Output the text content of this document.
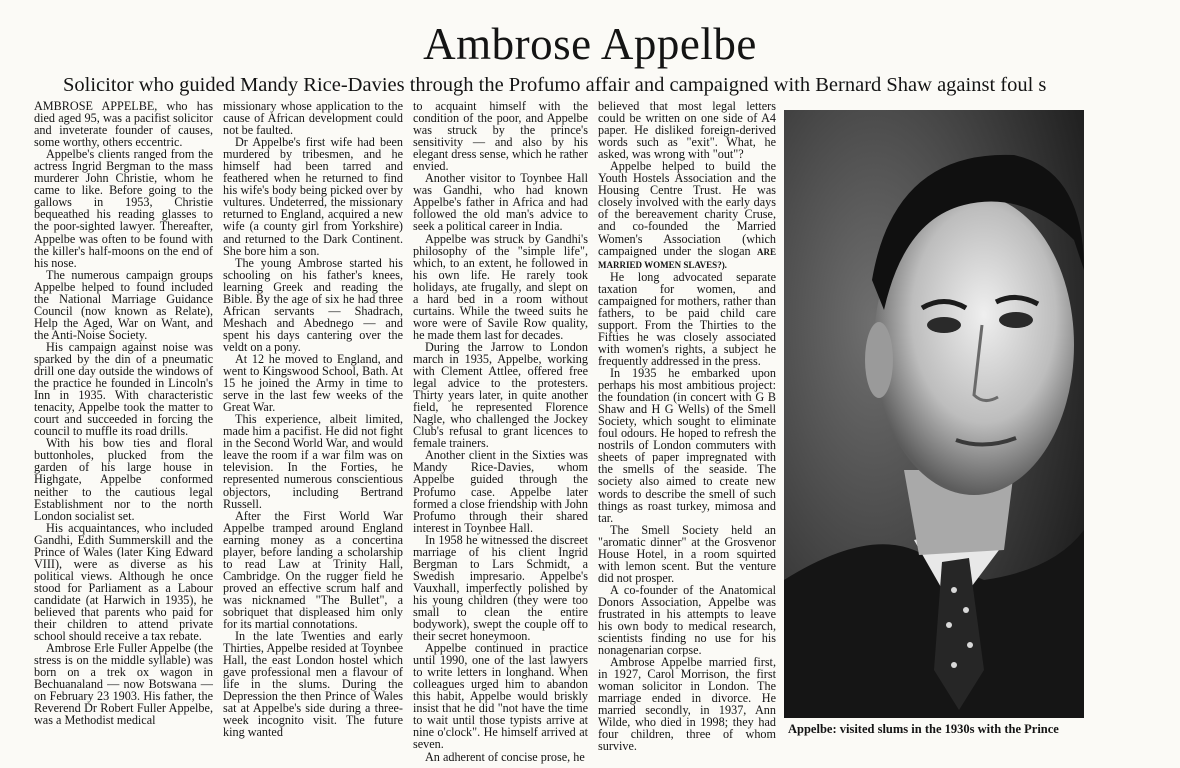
Ambrose Appelbe
Solicitor who guided Mandy Rice-Davies through the Profumo affair and campaigned with Bernard Shaw against foul s

AMBROSE APPELBE, who has died aged 95, was a pacifist solicitor and inveterate founder of causes, some worthy, others eccentric.

Appelbe's clients ranged from the actress Ingrid Bergman to the mass murderer John Christie, whom he came to like. Before going to the gallows in 1953, Christie bequeathed his reading glasses to the poor-sighted lawyer. Thereafter, Appelbe was often to be found with the killer's half-moons on the end of his nose.

The numerous campaign groups Appelbe helped to found included the National Marriage Guidance Council (now known as Relate), Help the Aged, War on Want, and the Anti-Noise Society.

His campaign against noise was sparked by the din of a pneumatic drill one day outside the windows of the practice he founded in Lincoln's Inn in 1935. With characteristic tenacity, Appelbe took the matter to court and succeeded in forcing the council to muffle its road drills.

With his bow ties and floral buttonholes, plucked from the garden of his large house in Highgate, Appelbe conformed neither to the cautious legal Establishment nor to the north London socialist set.

His acquaintances, who included Gandhi, Edith Summerskill and the Prince of Wales (later King Edward VIII), were as diverse as his political views. Although he once stood for Parliament as a Labour candidate (at Harwich in 1935), he believed that parents who paid for their children to attend private school should receive a tax rebate.

Ambrose Erle Fuller Appelbe (the stress is on the middle syllable) was born on a trek ox wagon in Bechuanaland — now Botswana — on February 23 1903. His father, the Reverend Dr Robert Fuller Appelbe, was a Methodist medical

missionary whose application to the cause of African development could not be faulted.

Dr Appelbe's first wife had been murdered by tribesmen, and he himself had been tarred and feathered when he returned to find his wife's body being picked over by vultures. Undeterred, the missionary returned to England, acquired a new wife (a county girl from Yorkshire) and returned to the Dark Continent. She bore him a son.

The young Ambrose started his schooling on his father's knees, learning Greek and reading the Bible. By the age of six he had three African servants — Shadrach, Meshach and Abednego — and spent his days cantering over the veldt on a pony.

At 12 he moved to England, and went to Kingswood School, Bath. At 15 he joined the Army in time to serve in the last few weeks of the Great War.

This experience, albeit limited, made him a pacifist. He did not fight in the Second World War, and would leave the room if a war film was on television. In the Forties, he represented numerous conscientious objectors, including Bertrand Russell.

After the First World War Appelbe tramped around England earning money as a concertina player, before landing a scholarship to read Law at Trinity Hall, Cambridge. On the rugger field he proved an effective scrum half and was nicknamed "The Bullet", a sobriquet that displeased him only for its martial connotations.

In the late Twenties and early Thirties, Appelbe resided at Toynbee Hall, the east London hostel which gave professional men a flavour of life in the slums. During the Depression the then Prince of Wales sat at Appelbe's side during a three-week incognito visit. The future king wanted

to acquaint himself with the condition of the poor, and Appelbe was struck by the prince's sensitivity — and also by his elegant dress sense, which he rather envied.

Another visitor to Toynbee Hall was Gandhi, who had known Appelbe's father in Africa and had followed the old man's advice to seek a political career in India.

Appelbe was struck by Gandhi's philosophy of the "simple life", which, to an extent, he followed in his own life. He rarely took holidays, ate frugally, and slept on a hard bed in a room without curtains. While the tweed suits he wore were of Savile Row quality, he made them last for decades.

During the Jarrow to London march in 1935, Appelbe, working with Clement Attlee, offered free legal advice to the protesters. Thirty years later, in quite another field, he represented Florence Nagle, who challenged the Jockey Club's refusal to grant licences to female trainers.

Another client in the Sixties was Mandy Rice-Davies, whom Appelbe guided through the Profumo case. Appelbe later formed a close friendship with John Profumo through their shared interest in Toynbee Hall.

In 1958 he witnessed the discreet marriage of his client Ingrid Bergman to Lars Schmidt, a Swedish impresario. Appelbe's Vauxhall, imperfectly polished by his young children (they were too small to clean the entire bodywork), swept the couple off to their secret honeymoon.

Appelbe continued in practice until 1990, one of the last lawyers to write letters in longhand. When colleagues urged him to abandon this habit, Appelbe would briskly insist that he did "not have the time to wait until those typists arrive at nine o'clock". He himself arrived at seven.

An adherent of concise prose, he

believed that most legal letters could be written on one side of A4 paper. He disliked foreign-derived words such as "exit". What, he asked, was wrong with "out"?

Appelbe helped to build the Youth Hostels Association and the Housing Centre Trust. He was closely involved with the early days of the bereavement charity Cruse, and co-founded the Married Women's Association (which campaigned under the slogan ARE MARRIED WOMEN SLAVES?).

He long advocated separate taxation for women, and campaigned for mothers, rather than fathers, to be paid child care support. From the Thirties to the Fifties he was closely associated with women's rights, a subject he frequently addressed in the press.

In 1935 he embarked upon perhaps his most ambitious project: the foundation (in concert with G B Shaw and H G Wells) of the Smell Society, which sought to eliminate foul odours. He hoped to refresh the nostrils of London commuters with sheets of paper impregnated with the smells of the seaside. The society also aimed to create new words to describe the smell of such things as roast turkey, mimosa and tar.

The Smell Society held an "aromatic dinner" at the Grosvenor House Hotel, in a room squirted with lemon scent. But the venture did not prosper.

A co-founder of the Anatomical Donors Association, Appelbe was frustrated in his attempts to leave his own body to medical research, scientists finding no use for his nonagenarian corpse.

Ambrose Appelbe married first, in 1927, Carol Morrison, the first woman solicitor in London. The marriage ended in divorce. He married secondly, in 1937, Ann Wilde, who died in 1998; they had four children, three of whom survive.

Appelbe: visited slums in the 1930s with the Prince
